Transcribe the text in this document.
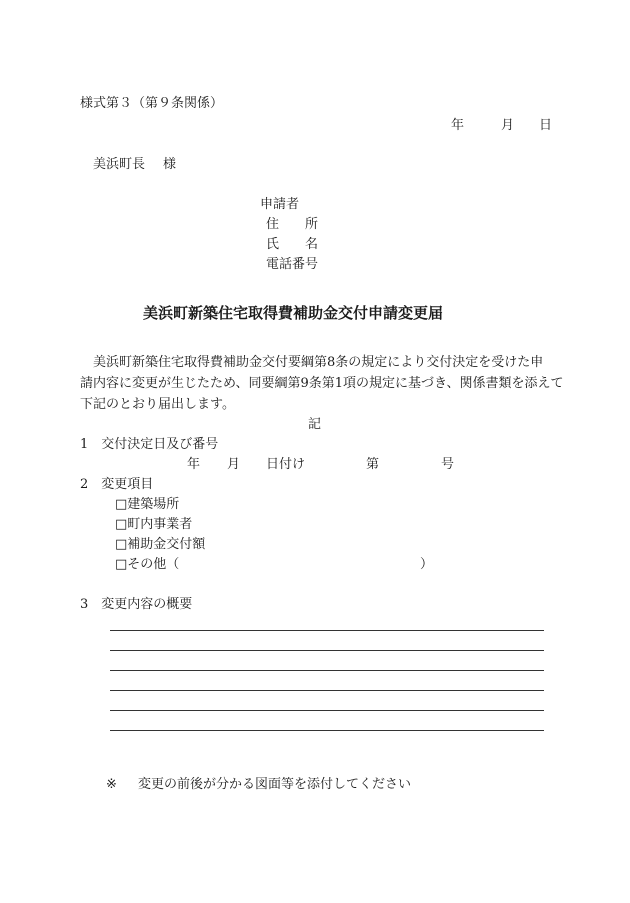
様式第３（第９条関係）
年	月 日
美浜町長 様
申請者
住　　所
氏　　名
電話番号
美浜町新築住宅取得費補助金交付申請変更届
美浜町新築住宅取得費補助金交付要綱第8条の規定により交付決定を受けた申
請内容に変更が生じたため、同要綱第9条第1項の規定に基づき、関係書類を添えて
下記のとおり届出します。
記
1　交付決定日及び番号
年 月 日付け	第	号
2　変更項目
□建築場所
□町内事業者
□補助金交付額
□その他（	）
3　変更内容の概要
※ 変更の前後が分かる図面等を添付してください
